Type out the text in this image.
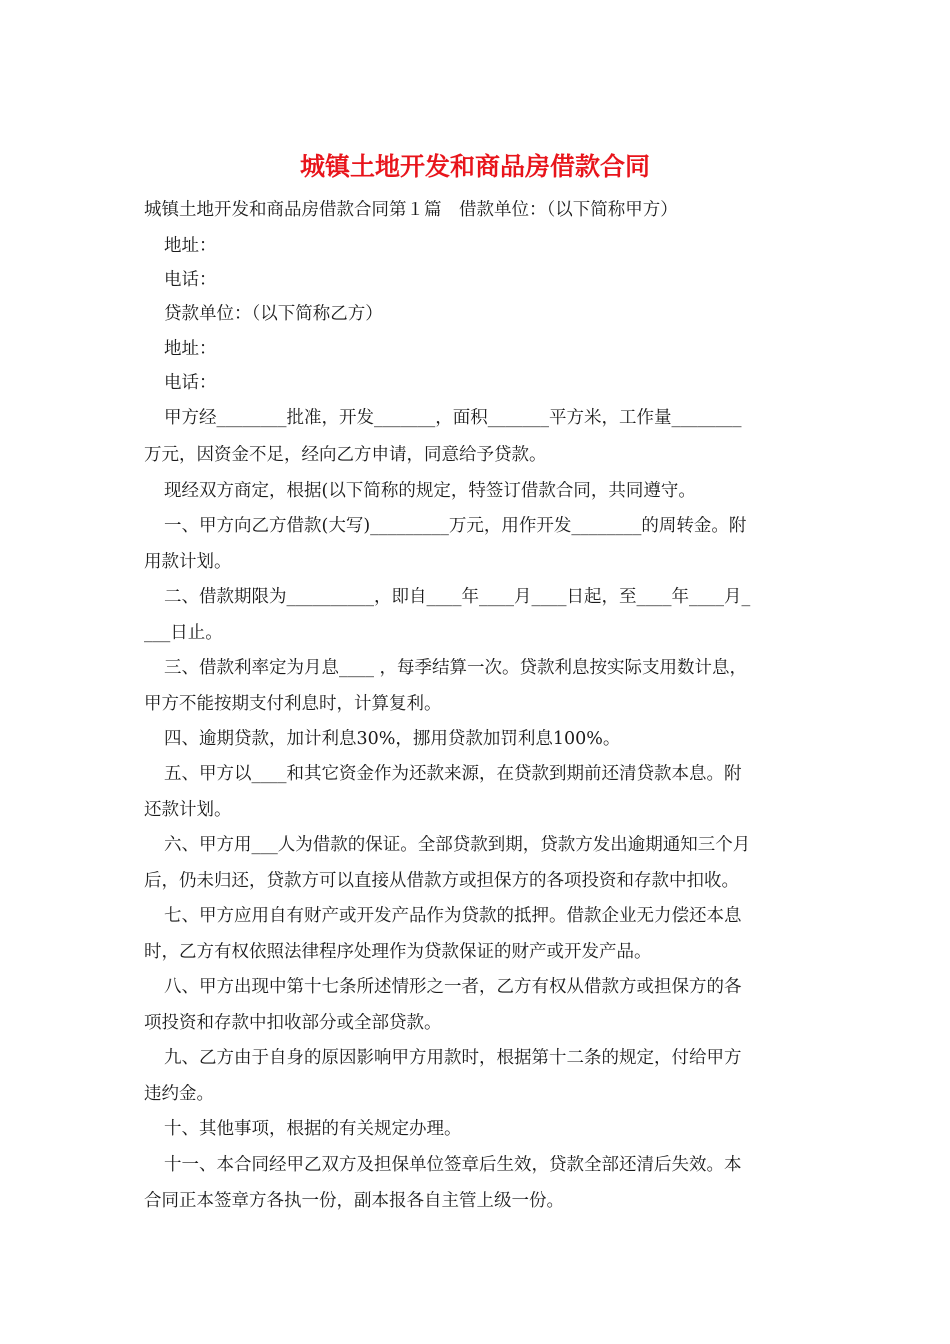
城镇土地开发和商品房借款合同

城镇土地开发和商品房借款合同第１篇　借款单位：（以下简称甲方）

地址：

电话：

贷款单位：（以下简称乙方）

地址：

电话：

甲方经________批准，开发_______，面积_______平方米，工作量________

万元，因资金不足，经向乙方申请，同意给予贷款。

现经双方商定，根据(以下简称的规定，特签订借款合同，共同遵守。

一、甲方向乙方借款(大写)_________万元，用作开发________的周转金。附

用款计划。

二、借款期限为__________，即自____年____月____日起，至____年____月_

___日止。

三、借款利率定为月息____ ，每季结算一次。贷款利息按实际支用数计息，

甲方不能按期支付利息时，计算复利。

四、逾期贷款，加计利息30%，挪用贷款加罚利息100%。

五、甲方以____和其它资金作为还款来源，在贷款到期前还清贷款本息。附

还款计划。

六、甲方用___人为借款的保证。全部贷款到期，贷款方发出逾期通知三个月

后，仍未归还，贷款方可以直接从借款方或担保方的各项投资和存款中扣收。

七、甲方应用自有财产或开发产品作为贷款的抵押。借款企业无力偿还本息

时，乙方有权依照法律程序处理作为贷款保证的财产或开发产品。

八、甲方出现中第十七条所述情形之一者，乙方有权从借款方或担保方的各

项投资和存款中扣收部分或全部贷款。

九、乙方由于自身的原因影响甲方用款时，根据第十二条的规定，付给甲方

违约金。

十、其他事项，根据的有关规定办理。

十一、本合同经甲乙双方及担保单位签章后生效，贷款全部还清后失效。本

合同正本签章方各执一份，副本报各自主管上级一份。
